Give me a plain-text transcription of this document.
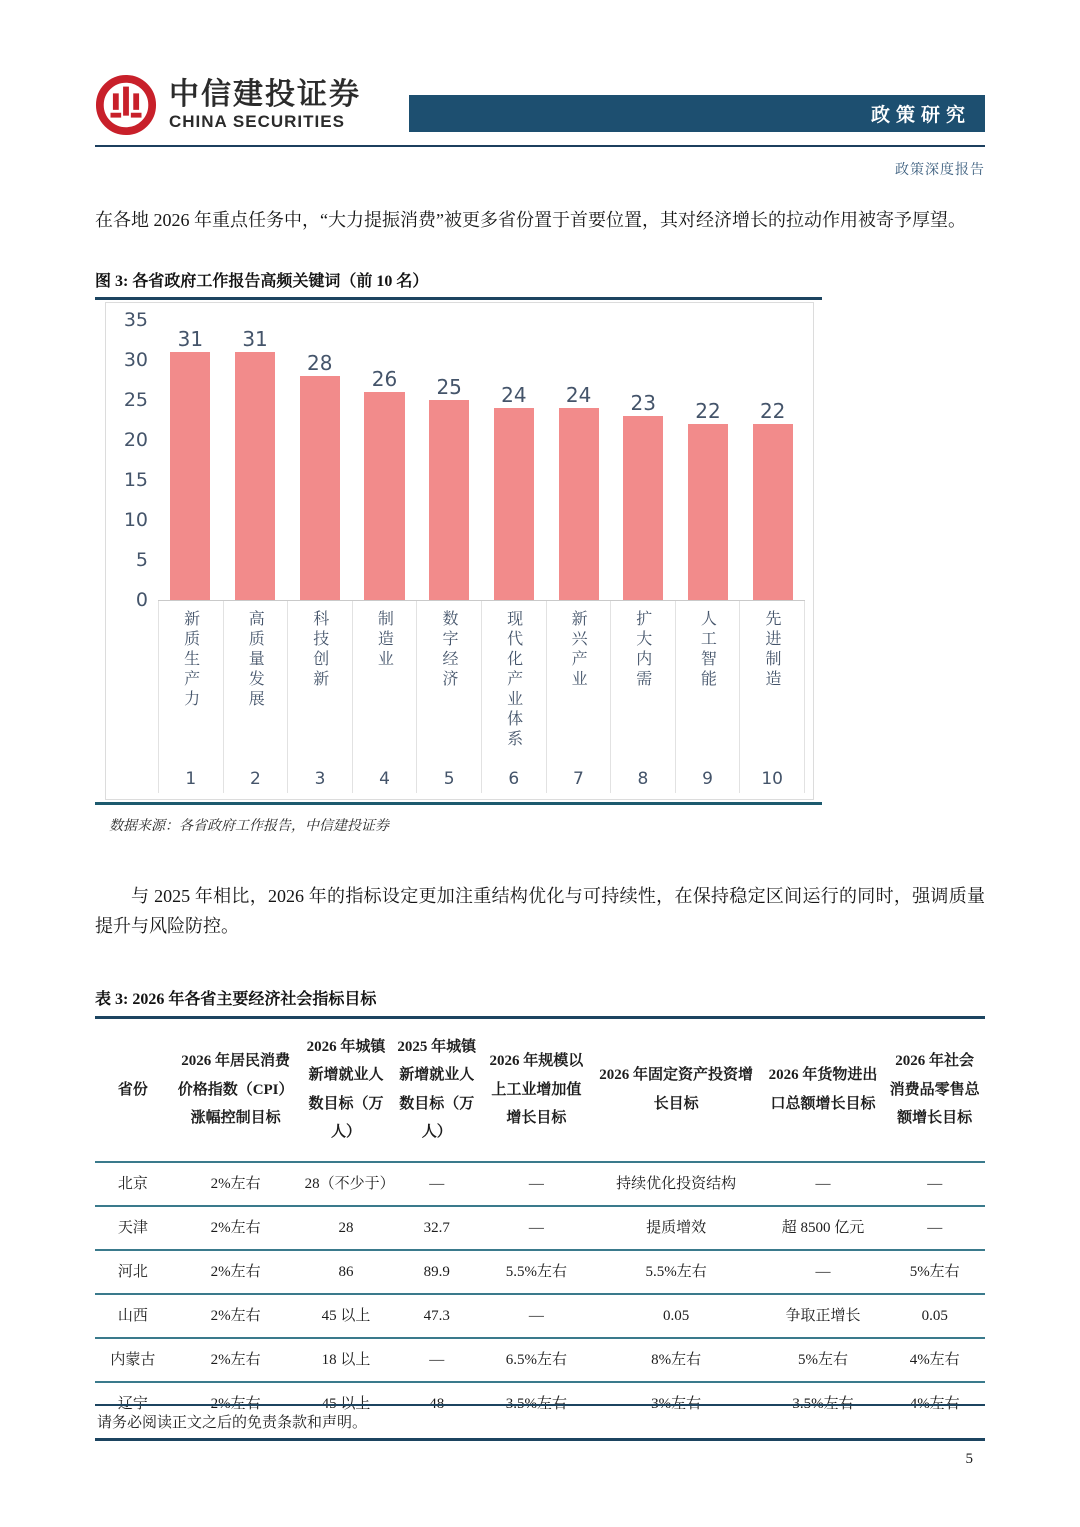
中信建投证券
CHINA SECURITIES	政策研究
政策深度报告

在各地 2026 年重点任务中，“大力提振消费”被更多省份置于首要位置，其对经济增长的拉动作用被寄予厚望。

图 3: 各省政府工作报告高频关键词（前 10 名）
0
5
10
15
20
25
30
35
31 31
28
26 25 24 24 23 22 22
新质生产力
1
高质量发展
2
科技创新
3
制造业
4
数字经济
5
现代化产业体系
6
新兴产业
7
扩大内需
8
人工智能
9
先进制造
10
数据来源：各省政府工作报告，中信建投证券

与 2025 年相比，2026 年的指标设定更加注重结构优化与可持续性，在保持稳定区间运行的同时，强调质量提升与风险防控。

表 3: 2026 年各省主要经济社会指标目标
省份	2026 年居民消费价格指数（CPI）涨幅控制目标	2026 年城镇新增就业人数目标（万人）	2025 年城镇新增就业人数目标（万人）	2026 年规模以上工业增加值增长目标	2026 年固定资产投资增长目标	2026 年货物进出口总额增长目标	2026 年社会消费品零售总额增长目标
北京	2%左右	28（不少于）	—	—	持续优化投资结构	—	—
天津	2%左右	28	32.7	—	提质增效	超 8500 亿元	—
河北	2%左右	86	89.9	5.5%左右	5.5%左右	—	5%左右
山西	2%左右	45 以上	47.3	—	0.05	争取正增长	0.05
内蒙古	2%左右	18 以上	—	6.5%左右	8%左右	5%左右	4%左右
辽宁	2%左右	45 以上	48	3.5%左右	3%左右	3.5%左右	4%左右
请务必阅读正文之后的免责条款和声明。
5
